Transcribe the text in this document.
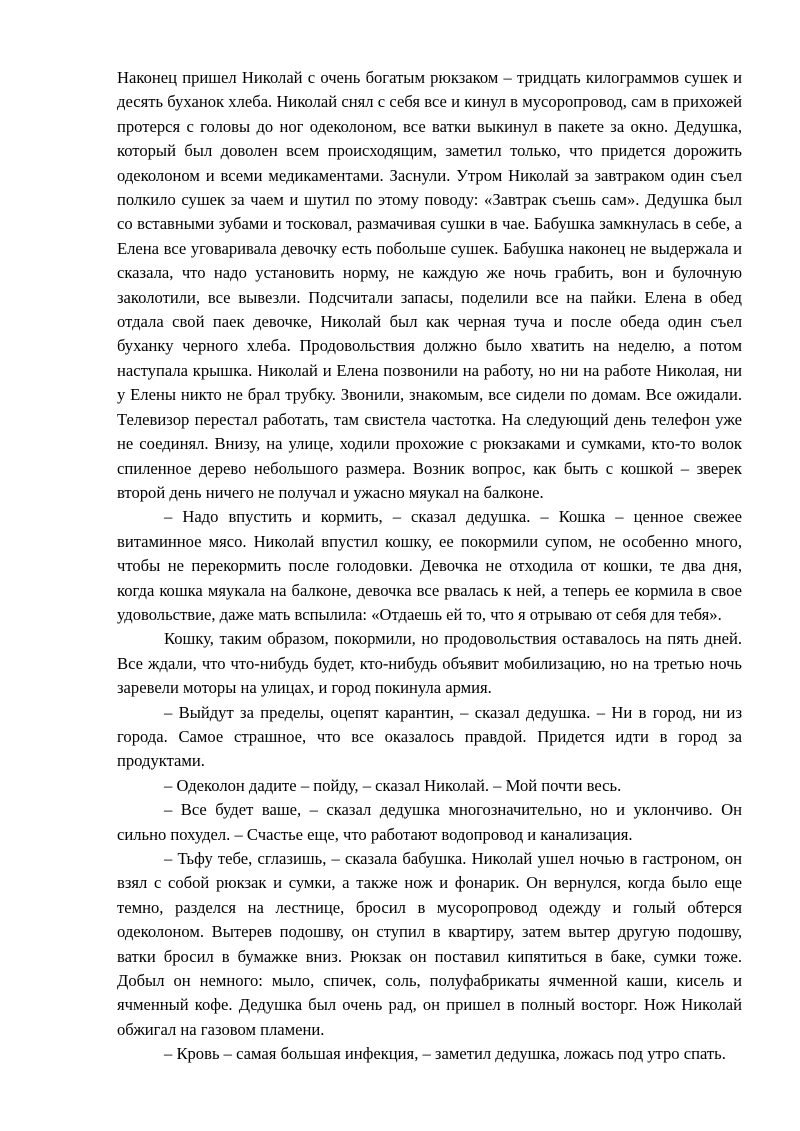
Наконец пришел Николай с очень богатым рюкзаком – тридцать килограммов сушек и десять буханок хлеба. Николай снял с себя все и кинул в мусоропровод, сам в прихожей протерся с головы до ног одеколоном, все ватки выкинул в пакете за окно. Дедушка, который был доволен всем происходящим, заметил только, что придется дорожить одеколоном и всеми медикаментами. Заснули. Утром Николай за завтраком один съел полкило сушек за чаем и шутил по этому поводу: «Завтрак съешь сам». Дедушка был со вставными зубами и тосковал, размачивая сушки в чае. Бабушка замкнулась в себе, а Елена все уговаривала девочку есть побольше сушек. Бабушка наконец не выдержала и сказала, что надо установить норму, не каждую же ночь грабить, вон и булочную заколотили, все вывезли. Подсчитали запасы, поделили все на пайки. Елена в обед отдала свой паек девочке, Николай был как черная туча и после обеда один съел буханку черного хлеба. Продовольствия должно было хватить на неделю, а потом наступала крышка. Николай и Елена позвонили на работу, но ни на работе Николая, ни у Елены никто не брал трубку. Звонили, знакомым, все сидели по домам. Все ожидали. Телевизор перестал работать, там свистела частотка. На следующий день телефон уже не соединял. Внизу, на улице, ходили прохожие с рюкзаками и сумками, кто-то волок спиленное дерево небольшого размера. Возник вопрос, как быть с кошкой – зверек второй день ничего не получал и ужасно мяукал на балконе.

– Надо впустить и кормить, – сказал дедушка. – Кошка – ценное свежее витаминное мясо. Николай впустил кошку, ее покормили супом, не особенно много, чтобы не перекормить после голодовки. Девочка не отходила от кошки, те два дня, когда кошка мяукала на балконе, девочка все рвалась к ней, а теперь ее кормила в свое удовольствие, даже мать вспылила: «Отдаешь ей то, что я отрываю от себя для тебя».

Кошку, таким образом, покормили, но продовольствия оставалось на пять дней. Все ждали, что что-нибудь будет, кто-нибудь объявит мобилизацию, но на третью ночь заревели моторы на улицах, и город покинула армия.

– Выйдут за пределы, оцепят карантин, – сказал дедушка. – Ни в город, ни из города. Самое страшное, что все оказалось правдой. Придется идти в город за продуктами.

– Одеколон дадите – пойду, – сказал Николай. – Мой почти весь.

– Все будет ваше, – сказал дедушка многозначительно, но и уклончиво. Он сильно похудел. – Счастье еще, что работают водопровод и канализация.

– Тьфу тебе, сглазишь, – сказала бабушка. Николай ушел ночью в гастроном, он взял с собой рюкзак и сумки, а также нож и фонарик. Он вернулся, когда было еще темно, разделся на лестнице, бросил в мусоропровод одежду и голый обтерся одеколоном. Вытерев подошву, он ступил в квартиру, затем вытер другую подошву, ватки бросил в бумажке вниз. Рюкзак он поставил кипятиться в баке, сумки тоже. Добыл он немного: мыло, спичек, соль, полуфабрикаты ячменной каши, кисель и ячменный кофе. Дедушка был очень рад, он пришел в полный восторг. Нож Николай обжигал на газовом пламени.

– Кровь – самая большая инфекция, – заметил дедушка, ложась под утро спать.
